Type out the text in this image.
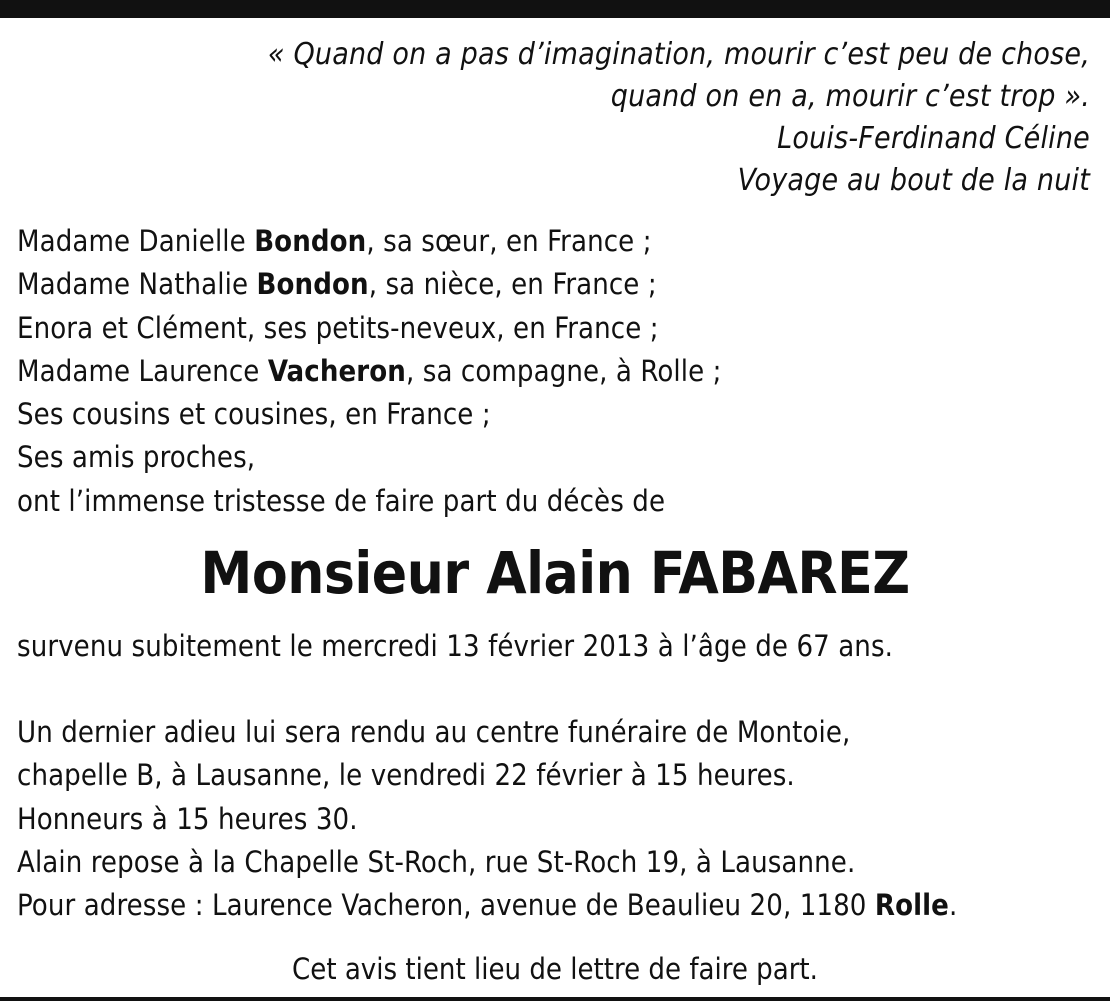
« Quand on a pas d’imagination, mourir c’est peu de chose,
quand on en a, mourir c’est trop ».
Louis-Ferdinand Céline
Voyage au bout de la nuit
Madame Danielle Bondon, sa sœur, en France ;
Madame Nathalie Bondon, sa nièce, en France ;
Enora et Clément, ses petits-neveux, en France ;
Madame Laurence Vacheron, sa compagne, à Rolle ;
Ses cousins et cousines, en France ;
Ses amis proches,
ont l’immense tristesse de faire part du décès de
Monsieur Alain FABAREZ
survenu subitement le mercredi 13 février 2013 à l’âge de 67 ans.
Un dernier adieu lui sera rendu au centre funéraire de Montoie,
chapelle B, à Lausanne, le vendredi 22 février à 15 heures.
Honneurs à 15 heures 30.
Alain repose à la Chapelle St-Roch, rue St-Roch 19, à Lausanne.
Pour adresse : Laurence Vacheron, avenue de Beaulieu 20, 1180 Rolle.
Cet avis tient lieu de lettre de faire part.
